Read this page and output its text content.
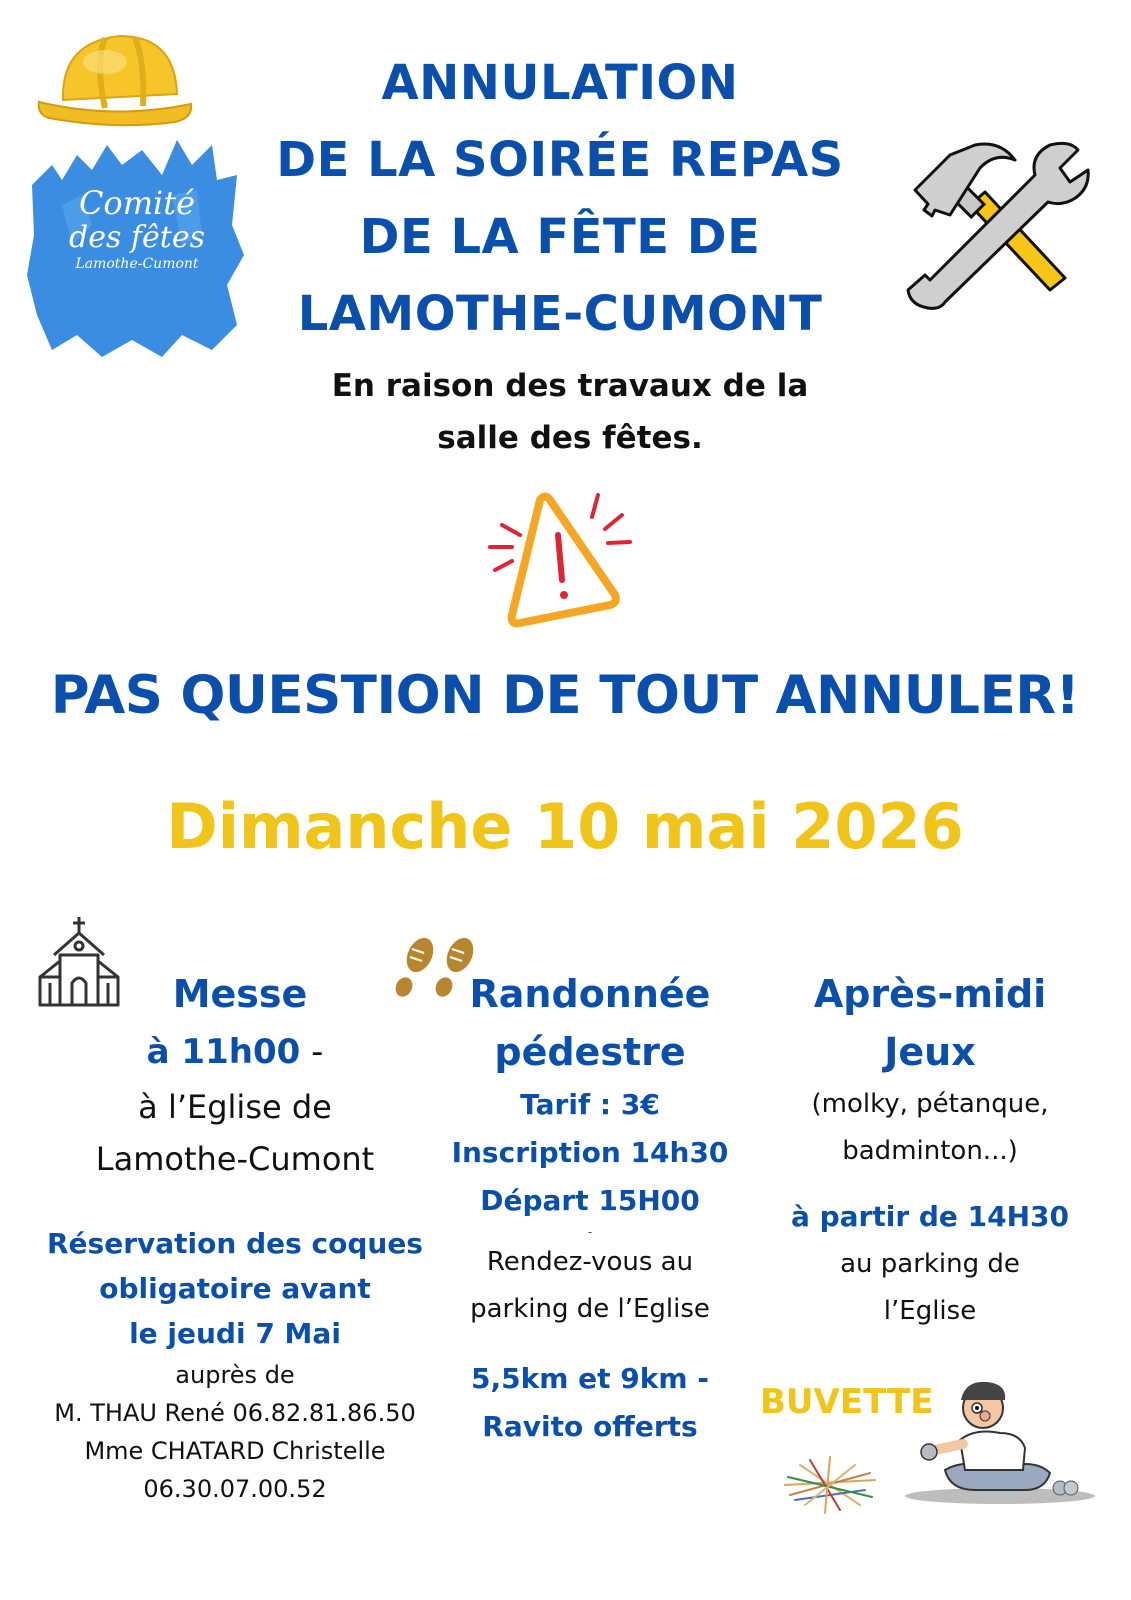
Comité
des fêtes
Lamothe-Cumont
ANNULATION
DE LA SOIRÉE REPAS
DE LA FÊTE DE
LAMOTHE-CUMONT
En raison des travaux de la
salle des fêtes.
PAS QUESTION DE TOUT ANNULER!
Dimanche 10 mai 2026
Messe
à 11h00 -
à l’Eglise de
Lamothe-Cumont
Réservation des coques
obligatoire avant
le jeudi 7 Mai
auprès de
M. THAU René 06.82.81.86.50
Mme CHATARD Christelle
06.30.07.00.52
Randonnée
pédestre
Tarif : 3€
Inscription 14h30
Départ 15H00
-
Rendez-vous au
parking de l’Eglise
5,5km et 9km -
Ravito offerts
Après-midi
Jeux
(molky, pétanque,
badminton...)
à partir de 14H30
au parking de
l’Eglise
BUVETTE
